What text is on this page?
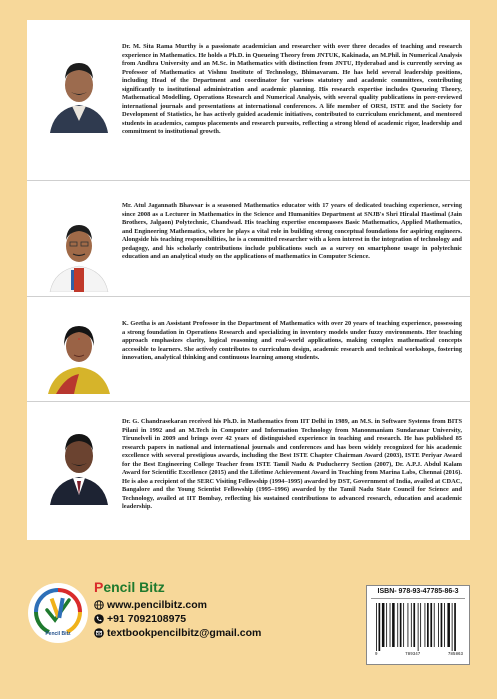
Dr. M. Sita Rama Murthy is a passionate academician and researcher with over three decades of teaching and research experience in Mathematics. He holds a Ph.D. in Queueing Theory from JNTUK, Kakinada, an M.Phil. in Numerical Analysis from Andhra University and an M.Sc. in Mathematics with distinction from JNTU, Hyderabad and is currently serving as Professor of Mathematics at Vishnu Institute of Technology, Bhimavaram. He has held several leadership positions, including Head of the Department and coordinator for various statutory and academic committees, contributing significantly to institutional administration and academic planning. His research expertise includes Queueing Theory, Mathematical Modelling, Operations Research and Numerical Analysis, with several quality publications in peer-reviewed international journals and presentations at international conferences. A life member of ORSI, ISTE and the Society for Development of Statistics, he has actively guided academic initiatives, contributed to curriculum enrichment, and mentored students in academics, campus placements and research pursuits, reflecting a strong blend of academic rigor, leadership and commitment to institutional growth.
Mr. Atul Jagannath Bhawsar is a seasoned Mathematics educator with 17 years of dedicated teaching experience, serving since 2008 as a Lecturer in Mathematics in the Science and Humanities Department at SNJB's Shri Hiralal Hastimal (Jain Brothers, Jalgaon) Polytechnic, Chandwad. His teaching expertise encompasses Basic Mathematics, Applied Mathematics, and Engineering Mathematics, where he plays a vital role in building strong conceptual foundations for aspiring engineers. Alongside his teaching responsibilities, he is a committed researcher with a keen interest in the integration of technology and pedagogy, and his scholarly contributions include publications such as a survey on smartphone usage in polytechnic education and an analytical study on the applications of mathematics in Computer Science.
K. Geetha is an Assistant Professor in the Department of Mathematics with over 20 years of teaching experience, possessing a strong foundation in Operations Research and specializing in inventory models under fuzzy environments. Her teaching approach emphasizes clarity, logical reasoning and real-world applications, making complex mathematical concepts accessible to learners. She actively contributes to curriculum design, academic research and technical workshops, fostering innovation, analytical thinking and continuous learning among students.
Dr. G. Chandrasekaran received his Ph.D. in Mathematics from IIT Delhi in 1989, an M.S. in Software Systems from BITS Pilani in 1992 and an M.Tech in Computer and Information Technology from Manonmaniam Sundaranar University, Tirunelveli in 2009 and brings over 42 years of distinguished experience in teaching and research. He has published 85 research papers in national and international journals and conferences and has been widely recognized for his academic excellence with several prestigious awards, including the Best ISTE Chapter Chairman Award (2003), ISTE Periyar Award for the Best Engineering College Teacher from ISTE Tamil Nadu & Puducherry Section (2007), Dr. A.P.J. Abdul Kalam Award for Scientific Excellence (2015) and the Lifetime Achievement Award in Teaching from Marina Labs, Chennai (2016). He is also a recipient of the SERC Visiting Fellowship (1994–1995) awarded by DST, Government of India, availed at CDAC, Bangalore and the Young Scientist Fellowship (1995–1996) awarded by the Tamil Nadu State Council for Science and Technology, availed at IIT Bombay, reflecting his sustained contributions to advanced research, education and academic leadership.
Pencil Bitz
Pencil Bitz
www.pencilbitz.com
+91 7092108975
textbookpencilbitz@gmail.com
ISBN- 978-93-47785-86-3
9	789347	785863
